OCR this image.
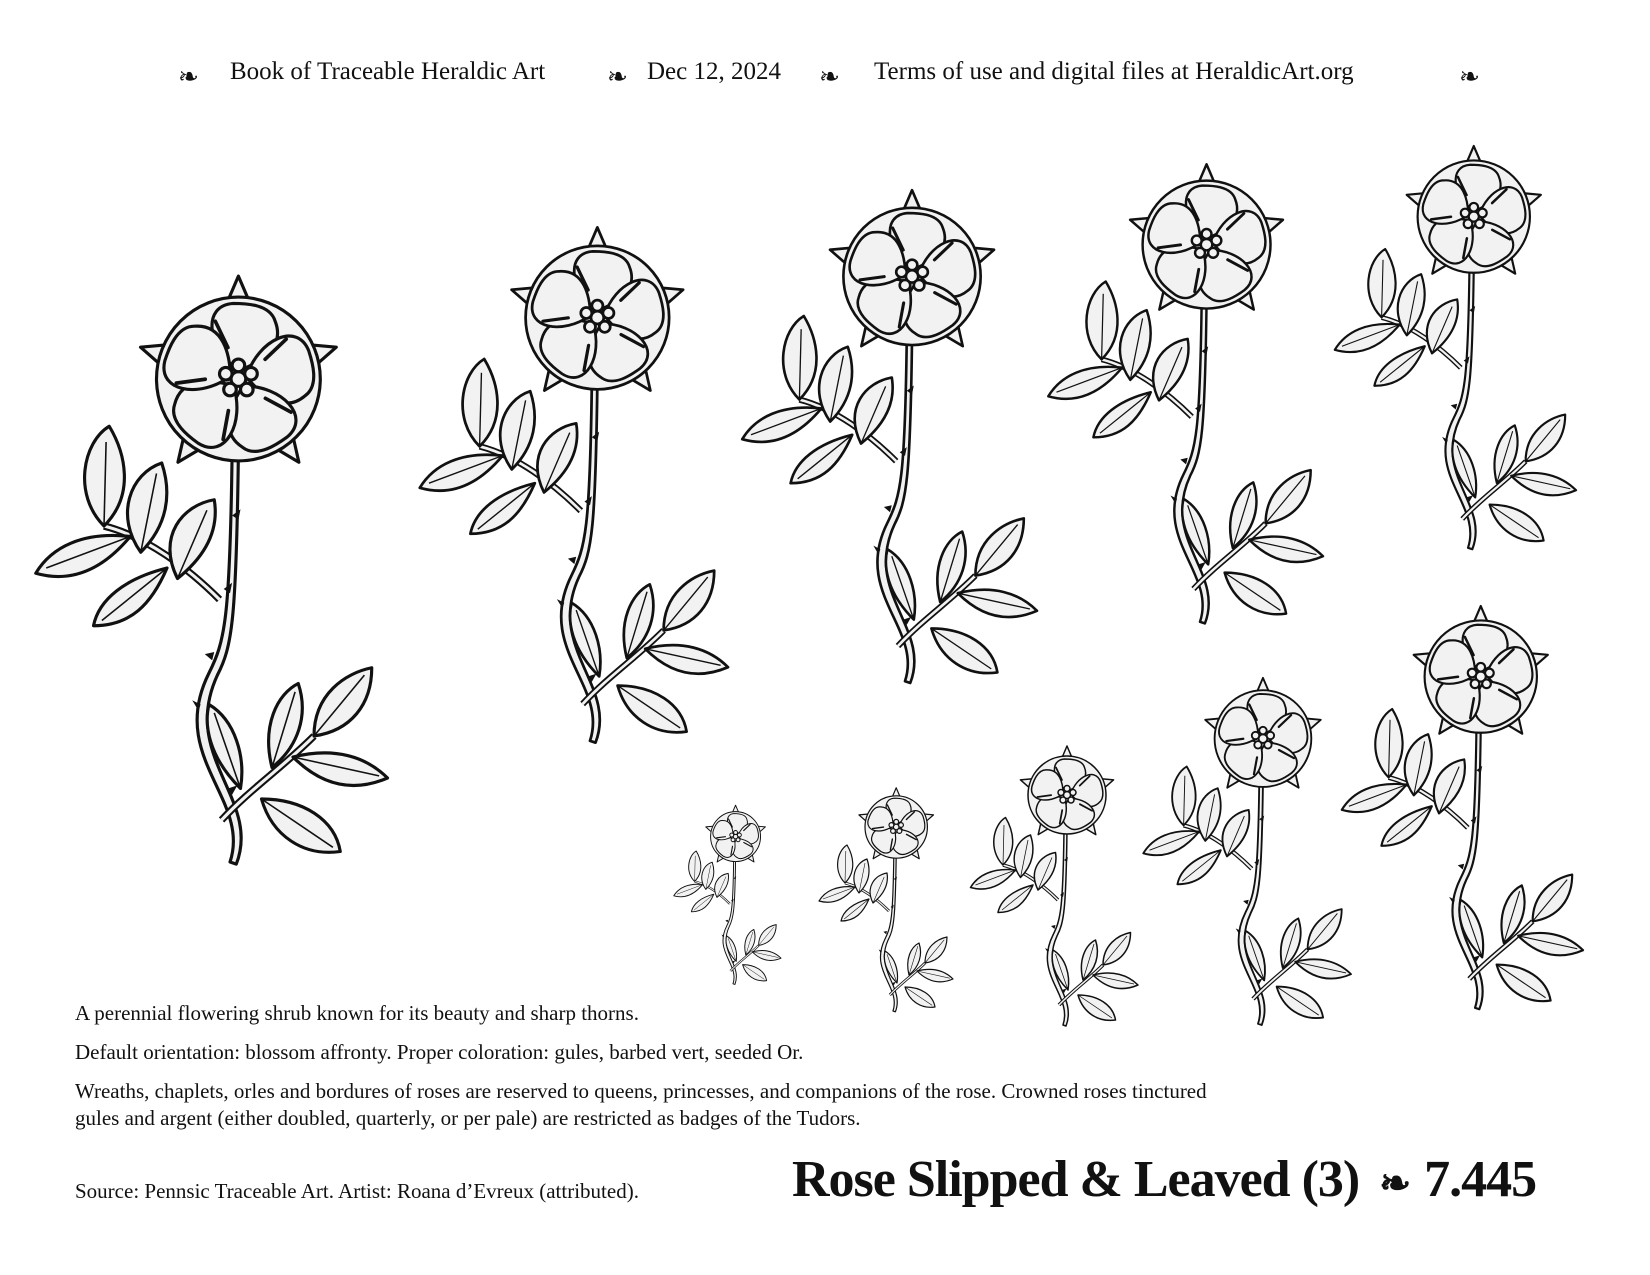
❧ Book of Traceable Heraldic Art ❧ Dec 12, 2024 ❧ Terms of use and digital files at HeraldicArt.org	❧

A perennial flowering shrub known for its beauty and sharp thorns.

Default orientation: blossom affronty. Proper coloration: gules, barbed vert, seeded Or.

Wreaths, chaplets, orles and bordures of roses are reserved to queens, princesses, and companions of the rose. Crowned roses tinctured gules and argent (either doubled, quarterly, or per pale) are restricted as badges of the Tudors.

Source: Pennsic Traceable Art. Artist: Roana d’Evreux (attributed).	Rose Slipped & Leaved (3) ❧ 7.445
